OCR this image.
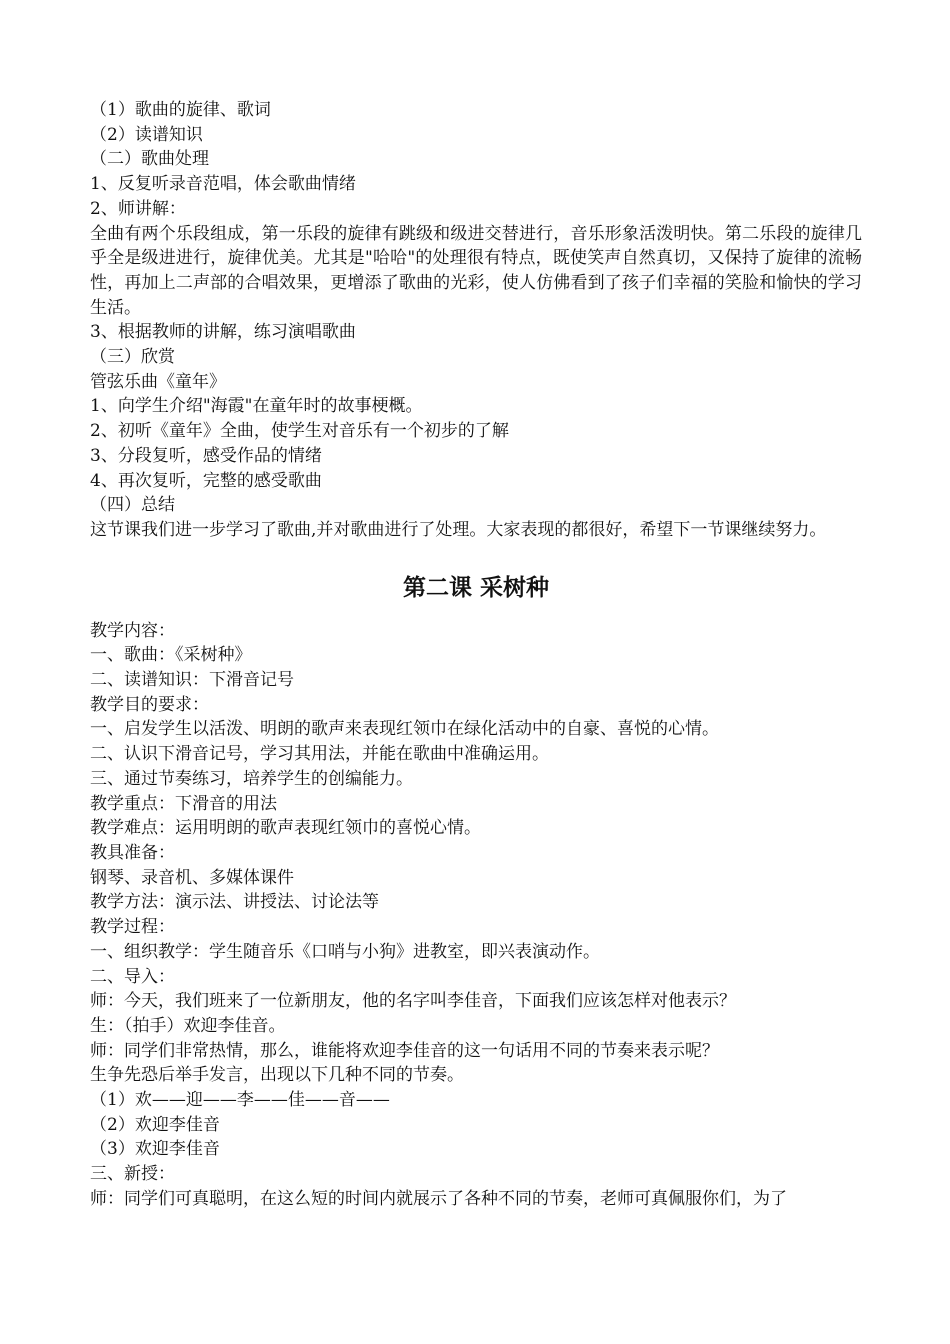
（1）歌曲的旋律、歌词
（2）读谱知识
（二）歌曲处理
1、反复听录音范唱，体会歌曲情绪
2、师讲解：
全曲有两个乐段组成，第一乐段的旋律有跳级和级进交替进行，音乐形象活泼明快。第二乐段的旋律几乎全是级进进行，旋律优美。尤其是"哈哈"的处理很有特点，既使笑声自然真切，又保持了旋律的流畅性，再加上二声部的合唱效果，更增添了歌曲的光彩，使人仿佛看到了孩子们幸福的笑脸和愉快的学习生活。
3、根据教师的讲解，练习演唱歌曲
（三）欣赏
管弦乐曲《童年》
1、向学生介绍"海霞"在童年时的故事梗概。
2、初听《童年》全曲，使学生对音乐有一个初步的了解
3、分段复听，感受作品的情绪
4、再次复听，完整的感受歌曲
（四）总结
这节课我们进一步学习了歌曲,并对歌曲进行了处理。大家表现的都很好，希望下一节课继续努力。
第二课 采树种
教学内容：
一、歌曲：《采树种》
二、读谱知识：下滑音记号
教学目的要求：
一、启发学生以活泼、明朗的歌声来表现红领巾在绿化活动中的自豪、喜悦的心情。
二、认识下滑音记号，学习其用法，并能在歌曲中准确运用。
三、通过节奏练习，培养学生的创编能力。
教学重点：下滑音的用法
教学难点：运用明朗的歌声表现红领巾的喜悦心情。
教具准备：
钢琴、录音机、多媒体课件
教学方法：演示法、讲授法、讨论法等
教学过程：
一、组织教学：学生随音乐《口哨与小狗》进教室，即兴表演动作。
二、导入：
师：今天，我们班来了一位新朋友，他的名字叫李佳音，下面我们应该怎样对他表示？
生：（拍手）欢迎李佳音。
师：同学们非常热情，那么，谁能将欢迎李佳音的这一句话用不同的节奏来表示呢？
生争先恐后举手发言，出现以下几种不同的节奏。
（1）欢——迎——李——佳——音——
（2）欢迎李佳音
（3）欢迎李佳音
三、新授：
师：同学们可真聪明，在这么短的时间内就展示了各种不同的节奏，老师可真佩服你们，为了
